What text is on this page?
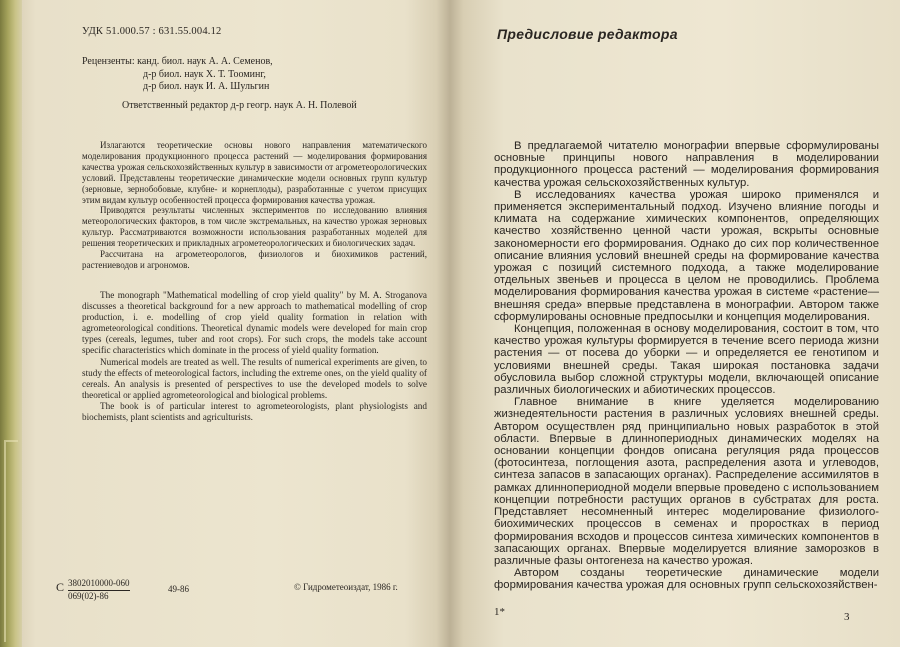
УДК 51.000.57 : 631.55.004.12
Рецензенты: канд. биол. наук А. А. Семенов,
д-р биол. наук Х. Т. Тооминг,
д-р биол. наук И. А. Шульгин
Ответственный редактор д-р геогр. наук А. Н. Полевой

Излагаются теоретические основы нового направления математического моделирования продукционного процесса растений — моделирования формирования качества урожая сельскохозяйственных культур в зависимости от агрометеорологических условий. Представлены теоретические динамические модели основных групп культур (зерновые, зернобобовые, клубне- и корнеплоды), разработанные с учетом присущих этим видам культур особенностей процесса формирования качества урожая.

Приводятся результаты численных экспериментов по исследованию влияния метеорологических факторов, в том числе экстремальных, на качество урожая зерновых культур. Рассматриваются возможности использования разработанных моделей для решения теоретических и прикладных агрометеорологических и биологических задач.

Рассчитана на агрометеорологов, физиологов и биохимиков растений, растениеводов и агрономов.

The monograph "Mathematical modelling of crop yield quality" by M. A. Stroganova discusses a theoretical background for a new approach to mathematical modelling of crop production, i. e. modelling of crop yield quality formation in relation with agrometeorological conditions. Theoretical dynamic models were developed for main crop types (cereals, legumes, tuber and root crops). For such crops, the models take account specific characteristics which dominate in the process of yield quality formation.

Numerical models are treated as well. The results of numerical experiments are given, to study the effects of meteorological factors, including the extreme ones, on the yield quality of cereals. An analysis is presented of perspectives to use the developed models to solve theoretical or applied agrometeorological and biological problems.

The book is of particular interest to agrometeorologists, plant physiologists and biochemists, plant scientists and agriculturists.

С 3802010000-060
069(02)-86
49-86	© Гидрометеоиздат, 1986 г.
Предисловие редактора

В предлагаемой читателю монографии впервые сформулированы основные принципы нового направления в моделировании продукционного процесса растений — моделирования формирования качества урожая сельскохозяйственных культур.

В исследованиях качества урожая широко применялся и применяется экспериментальный подход. Изучено влияние погоды и климата на содержание химических компонентов, определяющих качество хозяйственно ценной части урожая, вскрыты основные закономерности его формирования. Однако до сих пор количественное описание влияния условий внешней среды на формирование качества урожая с позиций системного подхода, а также моделирование отдельных звеньев и процесса в целом не проводились. Проблема моделирования формирования качества урожая в системе «растение—внешняя среда» впервые представлена в монографии. Автором также сформулированы основные предпосылки и концепция моделирования.

Концепция, положенная в основу моделирования, состоит в том, что качество урожая культуры формируется в течение всего периода жизни растения — от посева до уборки — и определяется ее генотипом и условиями внешней среды. Такая широкая постановка задачи обусловила выбор сложной структуры модели, включающей описание различных биологических и абиотических процессов.

Главное внимание в книге уделяется моделированию жизнедеятельности растения в различных условиях внешней среды. Автором осуществлен ряд принципиально новых разработок в этой области. Впервые в длиннопериодных динамических моделях на основании концепции фондов описана регуляция ряда процессов (фотосинтеза, поглощения азота, распределения азота и углеводов, синтеза запасов в запасающих органах). Распределение ассимилятов в рамках длиннопериодной модели впервые проведено с использованием концепции потребности растущих органов в субстратах для роста. Представляет несомненный интерес моделирование физиолого-биохимических процессов в семенах и проростках в период формирования всходов и процессов синтеза химических компонентов в запасающих органах. Впервые моделируется влияние заморозков в различные фазы онтогенеза на качество урожая.

Автором созданы теоретические динамические модели формирования качества урожая для основных групп сельскохозяйствен-

1*	3
